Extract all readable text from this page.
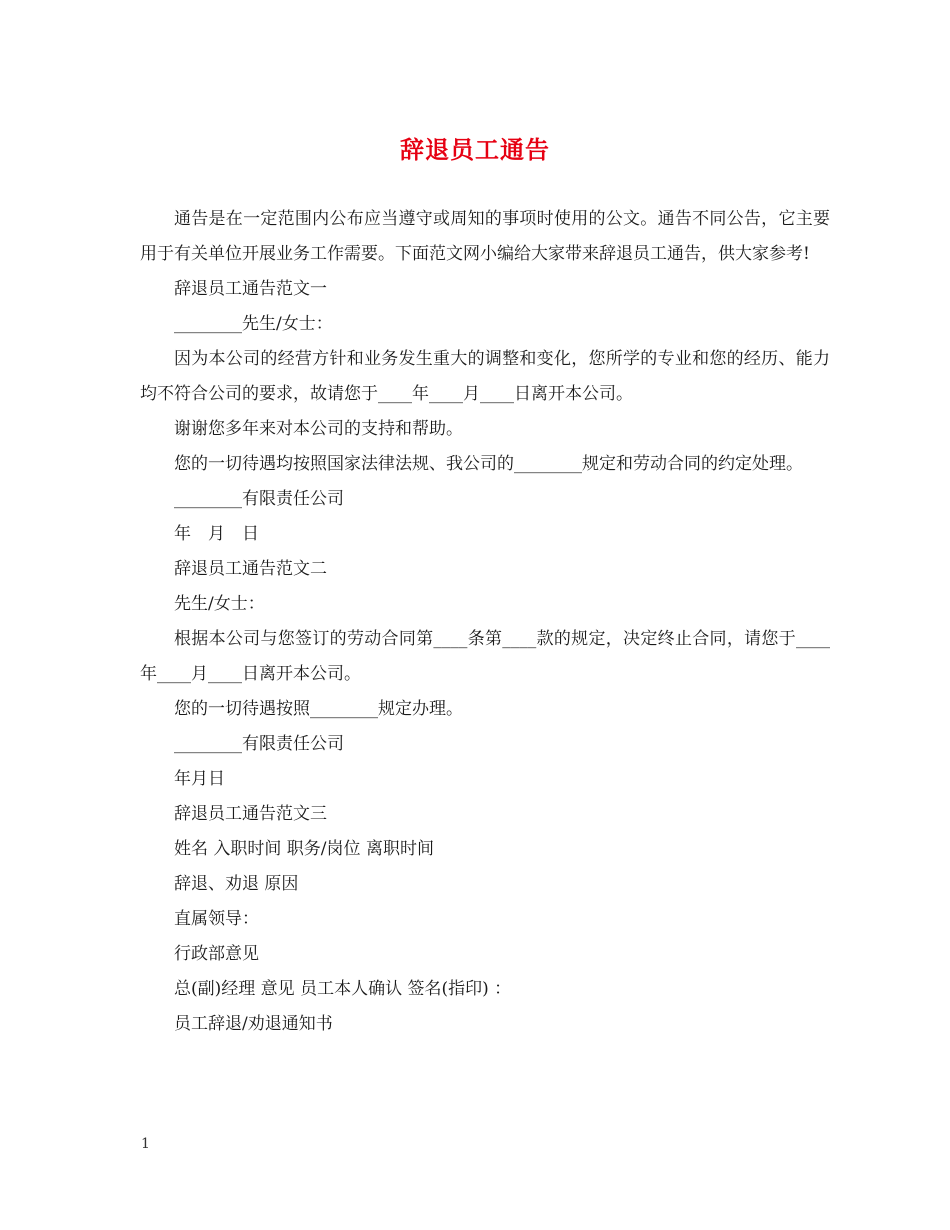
辞退员工通告

通告是在一定范围内公布应当遵守或周知的事项时使用的公文。通告不同公告，它主要用于有关单位开展业务工作需要。下面范文网小编给大家带来辞退员工通告，供大家参考!

辞退员工通告范文一

________先生/女士：

因为本公司的经营方针和业务发生重大的调整和变化，您所学的专业和您的经历、能力均不符合公司的要求，故请您于____年____月____日离开本公司。

谢谢您多年来对本公司的支持和帮助。

您的一切待遇均按照国家法律法规、我公司的________规定和劳动合同的约定处理。

________有限责任公司

年　月　日

辞退员工通告范文二

先生/女士：

根据本公司与您签订的劳动合同第____条第____款的规定，决定终止合同，请您于____年____月____日离开本公司。

您的一切待遇按照________规定办理。

________有限责任公司

年月日

辞退员工通告范文三

姓名 入职时间 职务/岗位 离职时间

辞退、劝退 原因

直属领导：

行政部意见

总(副)经理 意见 员工本人确认 签名(指印) ：

员工辞退/劝退通知书

1
